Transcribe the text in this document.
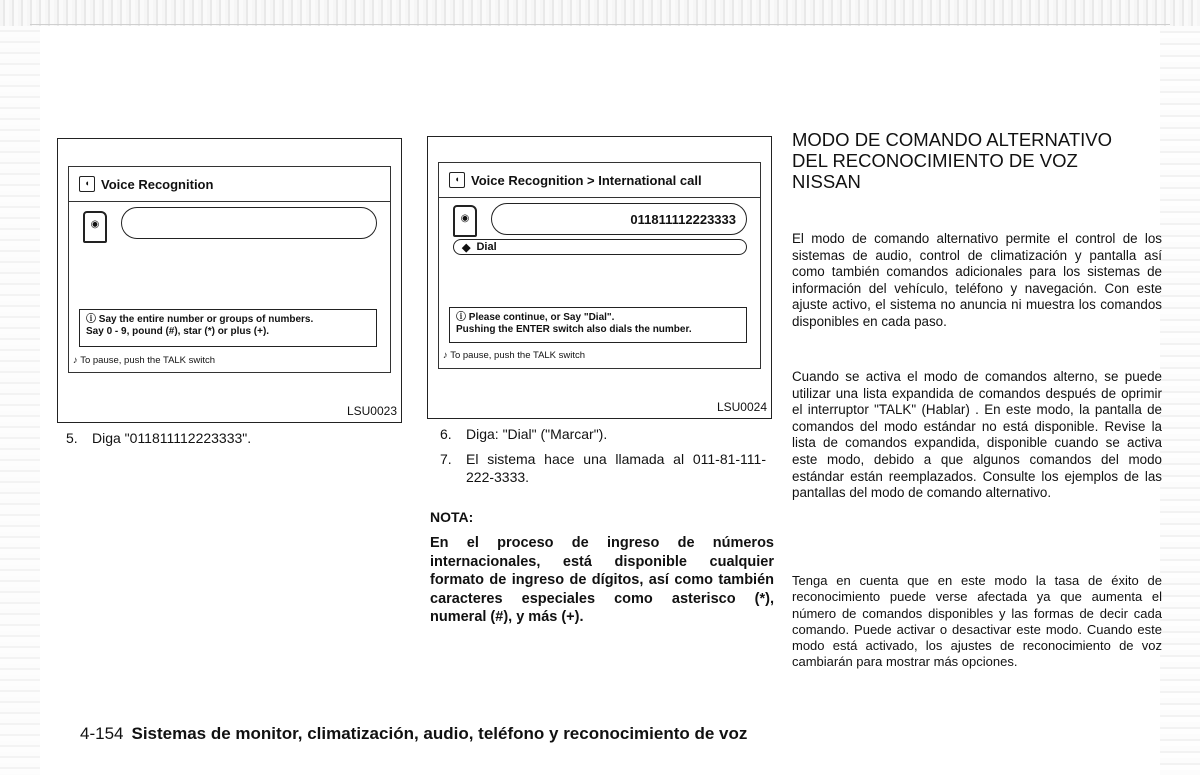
◖ Voice Recognition
◉
ⓘ Say the entire number or groups of numbers.
Say 0 - 9, pound (#), star (*) or plus (+).
♪ To pause, push the TALK switch
LSU0023
◖ Voice Recognition > International call
◉	011811112223333
◆ Dial
ⓘ Please continue, or Say "Dial".
Pushing the ENTER switch also dials the number.
♪ To pause, push the TALK switch
LSU0024
5. Diga "011811112223333".	6. Diga: "Dial" ("Marcar").
7.	El sistema hace una llamada al 011-81-111- 222-3333.
NOTA:
En el proceso de ingreso de números internacionales, está disponible cualquier formato de ingreso de dígitos, así como también caracteres especiales como asterisco (*), numeral (#), y más (+).
MODO DE COMANDO ALTERNATIVO DEL RECONOCIMIENTO DE VOZ NISSAN
El modo de comando alternativo permite el control de los sistemas de audio, control de climatización y pantalla así como también comandos adicionales para los sistemas de información del vehículo, teléfono y navegación. Con este ajuste activo, el sistema no anuncia ni muestra los comandos disponibles en cada paso.
Cuando se activa el modo de comandos alterno, se puede utilizar una lista expandida de comandos después de oprimir el interruptor "TALK" (Hablar) . En este modo, la pantalla de comandos del modo estándar no está disponible. Revise la lista de comandos expandida, disponible cuando se activa este modo, debido a que algunos comandos del modo estándar están reemplazados. Consulte los ejemplos de las pantallas del modo de comando alternativo.
Tenga en cuenta que en este modo la tasa de éxito de reconocimiento puede verse afectada ya que aumenta el número de comandos disponibles y las formas de decir cada comando. Puede activar o desactivar este modo. Cuando este modo está activado, los ajustes de reconocimiento de voz cambiarán para mostrar más opciones.
4-154 Sistemas de monitor, climatización, audio, teléfono y reconocimiento de voz
